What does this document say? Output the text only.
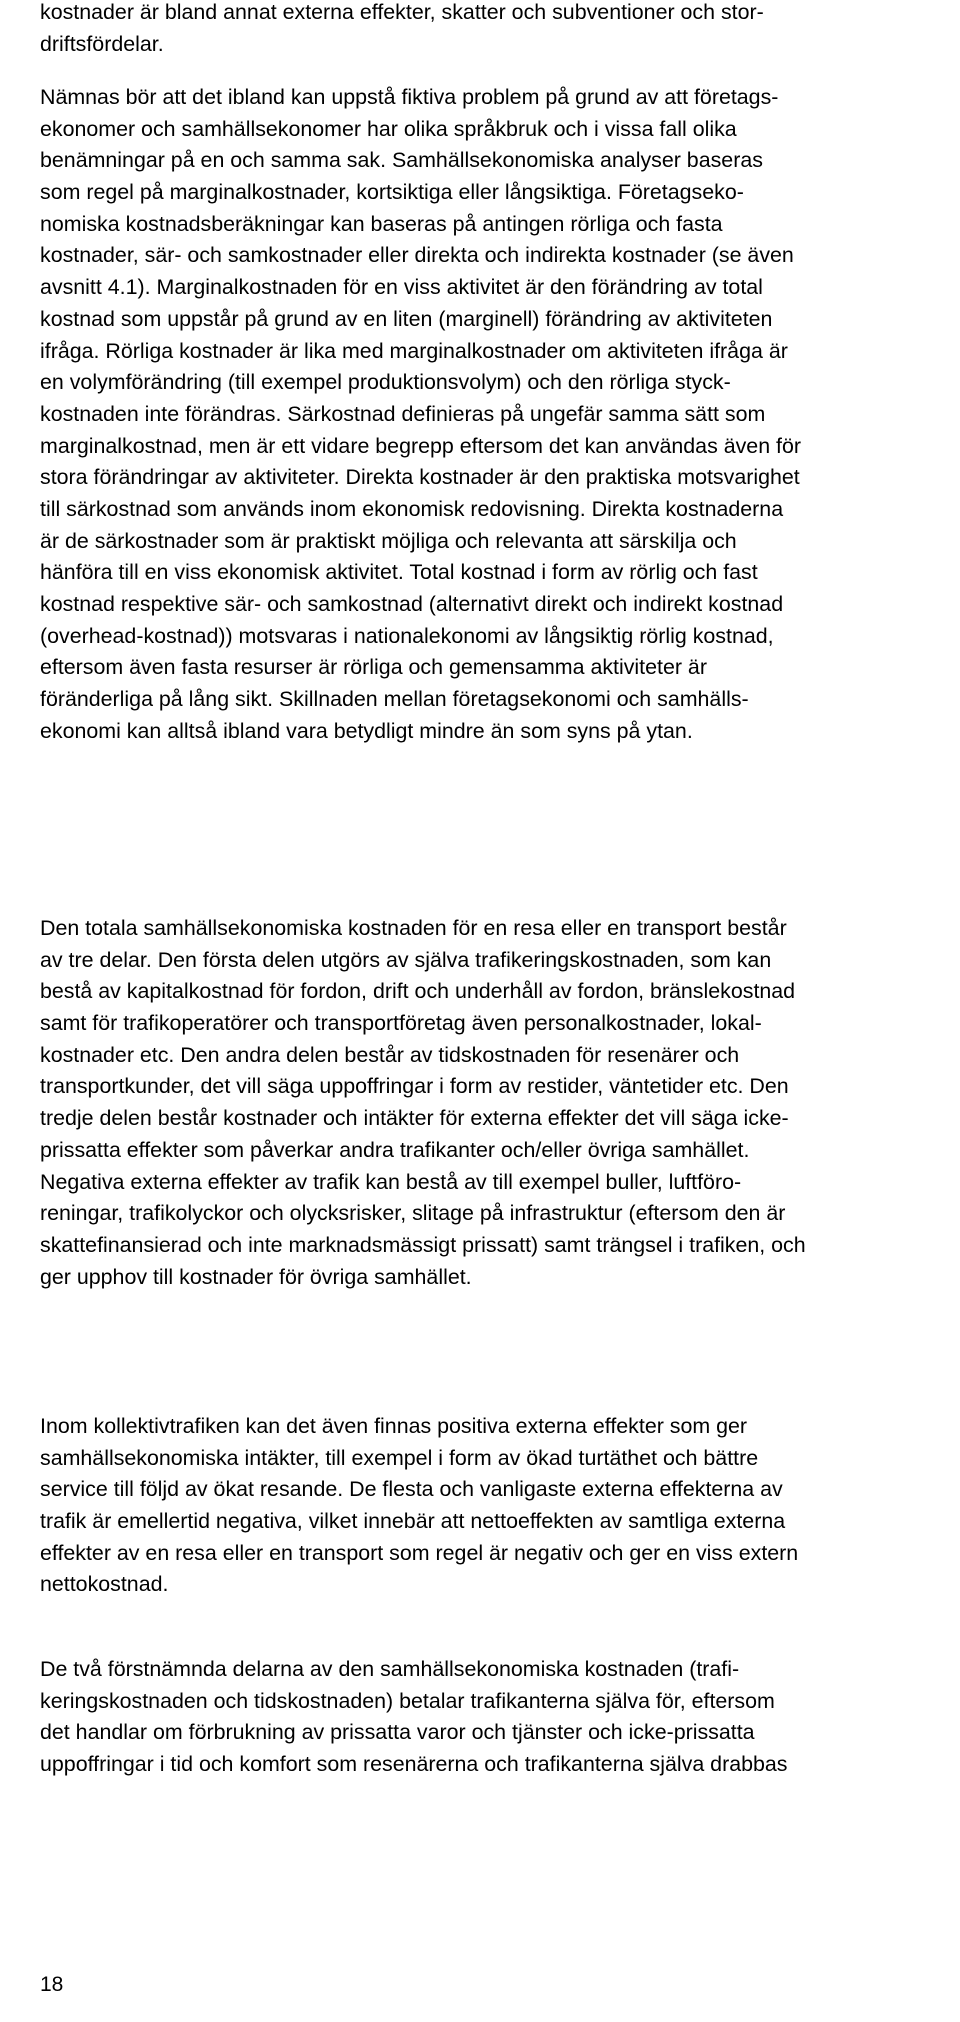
kostnader är bland annat externa effekter, skatter och subventioner och stor-
driftsfördelar.
Nämnas bör att det ibland kan uppstå fiktiva problem på grund av att företags-
ekonomer och samhällsekonomer har olika språkbruk och i vissa fall olika
benämningar på en och samma sak. Samhällsekonomiska analyser baseras
som regel på marginalkostnader, kortsiktiga eller långsiktiga. Företagseko-
nomiska kostnadsberäkningar kan baseras på antingen rörliga och fasta
kostnader, sär- och samkostnader eller direkta och indirekta kostnader (se även
avsnitt 4.1). Marginalkostnaden för en viss aktivitet är den förändring av total
kostnad som uppstår på grund av en liten (marginell) förändring av aktiviteten
ifråga. Rörliga kostnader är lika med marginalkostnader om aktiviteten ifråga är
en volymförändring (till exempel produktionsvolym) och den rörliga styck-
kostnaden inte förändras. Särkostnad definieras på ungefär samma sätt som
marginalkostnad, men är ett vidare begrepp eftersom det kan användas även för
stora förändringar av aktiviteter. Direkta kostnader är den praktiska motsvarighet
till särkostnad som används inom ekonomisk redovisning. Direkta kostnaderna
är de särkostnader som är praktiskt möjliga och relevanta att särskilja och
hänföra till en viss ekonomisk aktivitet. Total kostnad i form av rörlig och fast
kostnad respektive sär- och samkostnad (alternativt direkt och indirekt kostnad
(overhead-kostnad)) motsvaras i nationalekonomi av långsiktig rörlig kostnad,
eftersom även fasta resurser är rörliga och gemensamma aktiviteter är
föränderliga på lång sikt. Skillnaden mellan företagsekonomi och samhälls-
ekonomi kan alltså ibland vara betydligt mindre än som syns på ytan.
Den totala samhällsekonomiska kostnaden för en resa eller en transport består
av tre delar. Den första delen utgörs av själva trafikeringskostnaden, som kan
bestå av kapitalkostnad för fordon, drift och underhåll av fordon, bränslekostnad
samt för trafikoperatörer och transportföretag även personalkostnader, lokal-
kostnader etc. Den andra delen består av tidskostnaden för resenärer och
transportkunder, det vill säga uppoffringar i form av restider, väntetider etc. Den
tredje delen består kostnader och intäkter för externa effekter det vill säga icke-
prissatta effekter som påverkar andra trafikanter och/eller övriga samhället.
Negativa externa effekter av trafik kan bestå av till exempel buller, luftföro-
reningar, trafikolyckor och olycksrisker, slitage på infrastruktur (eftersom den är
skattefinansierad och inte marknadsmässigt prissatt) samt trängsel i trafiken, och
ger upphov till kostnader för övriga samhället.
Inom kollektivtrafiken kan det även finnas positiva externa effekter som ger
samhällsekonomiska intäkter, till exempel i form av ökad turtäthet och bättre
service till följd av ökat resande. De flesta och vanligaste externa effekterna av
trafik är emellertid negativa, vilket innebär att nettoeffekten av samtliga externa
effekter av en resa eller en transport som regel är negativ och ger en viss extern
nettokostnad.
De två förstnämnda delarna av den samhällsekonomiska kostnaden (trafi-
keringskostnaden och tidskostnaden) betalar trafikanterna själva för, eftersom
det handlar om förbrukning av prissatta varor och tjänster och icke-prissatta
uppoffringar i tid och komfort som resenärerna och trafikanterna själva drabbas
18
